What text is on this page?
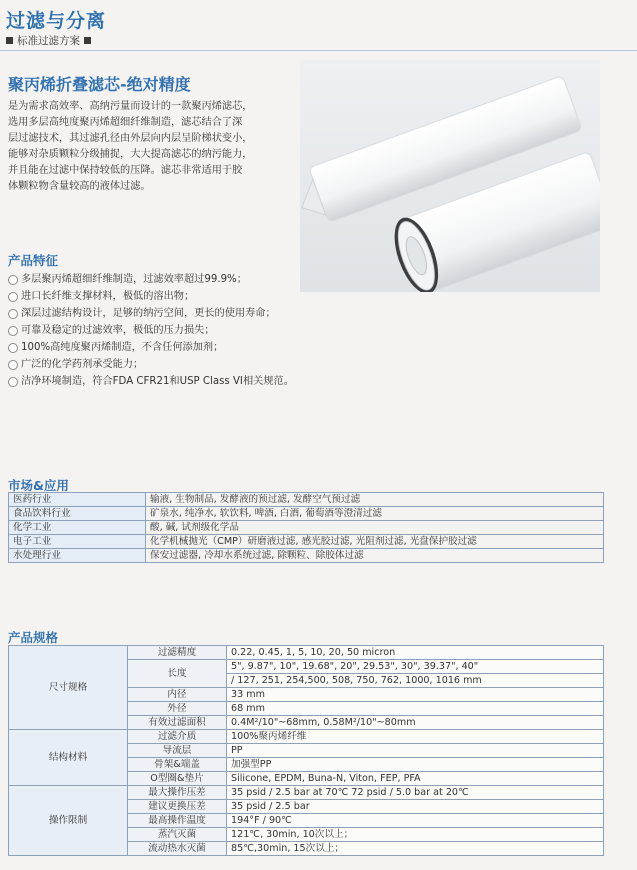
过滤与分离
标准过滤方案
聚丙烯折叠滤芯-绝对精度
是为需求高效率、高纳污量而设计的一款聚丙烯滤芯，
选用多层高纯度聚丙烯超细纤维制造，滤芯结合了深
层过滤技术，其过滤孔径由外层向内层呈阶梯状变小，
能够对杂质颗粒分级捕捉，大大提高滤芯的纳污能力，
并且能在过滤中保持较低的压降。滤芯非常适用于胶
体颗粒物含量较高的液体过滤。
产品特征
多层聚丙烯超细纤维制造，过滤效率超过99.9%；
进口长纤维支撑材料，极低的溶出物；
深层过滤结构设计，足够的纳污空间，更长的使用寿命；
可靠及稳定的过滤效率，极低的压力损失；
100%高纯度聚丙烯制造，不含任何添加剂；
广泛的化学药剂承受能力；
洁净环境制造，符合FDA CFR21和USP Class VI相关规范。
市场&应用
医药行业	输液, 生物制品, 发酵液的预过滤, 发酵空气预过滤
食品饮料行业	矿泉水, 纯净水, 软饮料, 啤酒, 白酒, 葡萄酒等澄清过滤
化学工业	酸, 碱, 试剂级化学品
电子工业	化学机械抛光（CMP）研磨液过滤, 感光胶过滤, 光阻剂过滤, 光盘保护胶过滤
水处理行业	保安过滤器, 冷却水系统过滤, 除颗粒、除胶体过滤
产品规格
尺寸规格	过滤精度	0.22, 0.45, 1, 5, 10, 20, 50 micron
	长度	5", 9.87", 10", 19.68", 20", 29.53", 30", 39.37", 40"
		/ 127, 251, 254,500, 508, 750, 762, 1000, 1016 mm
	内径	33 mm
	外径	68 mm
	有效过滤面积	0.4M²/10"~68mm, 0.58M²/10"~80mm
结构材料	过滤介质	100%聚丙烯纤维
	导流层	PP
	骨架&端盖	加强型PP
	O型圈&垫片	Silicone, EPDM, Buna-N, Viton, FEP, PFA
操作限制	最大操作压差	35 psid / 2.5 bar at 70℃ 72 psid / 5.0 bar at 20℃
	建议更换压差	35 psid / 2.5 bar
	最高操作温度	194°F / 90℃
	蒸汽灭菌	121℃, 30min, 10次以上；
	流动热水灭菌	85℃,30min, 15次以上；
